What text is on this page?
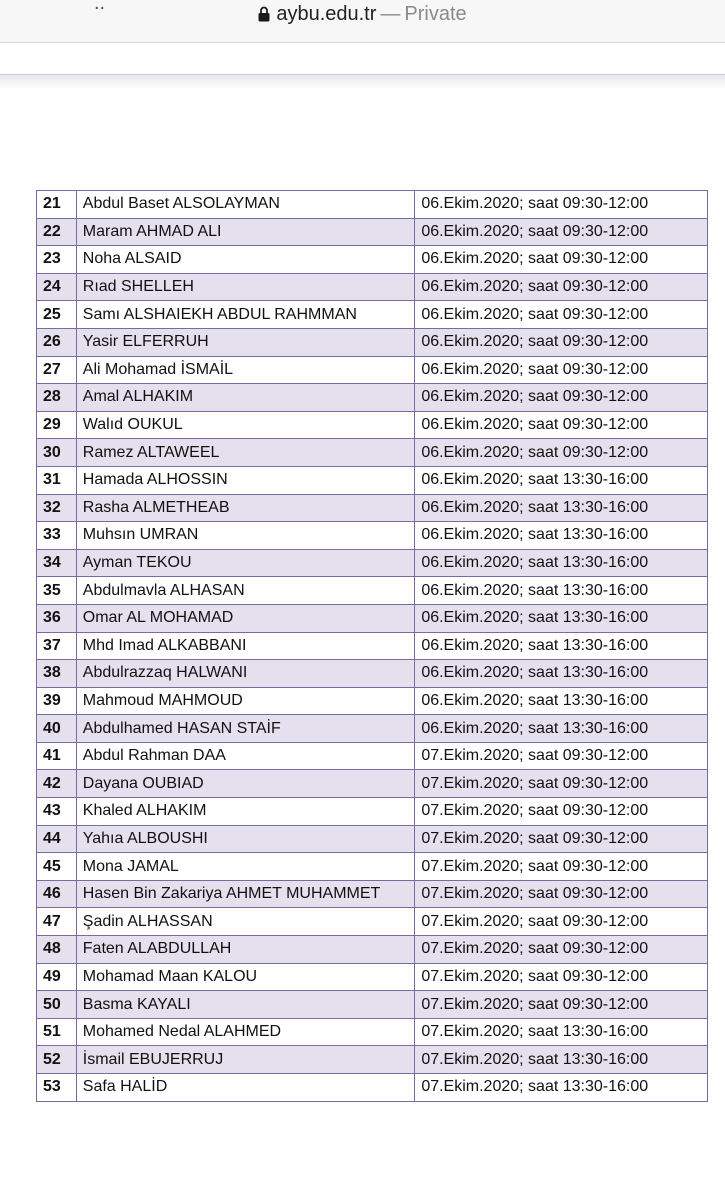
..	aybu.edu.tr — Private
21	Abdul Baset ALSOLAYMAN	06.Ekim.2020; saat 09:30-12:00
22	Maram AHMAD ALI	06.Ekim.2020; saat 09:30-12:00
23	Noha ALSAID	06.Ekim.2020; saat 09:30-12:00
24	Rıad SHELLEH	06.Ekim.2020; saat 09:30-12:00
25	Samı ALSHAIEKH ABDUL RAHMMAN	06.Ekim.2020; saat 09:30-12:00
26	Yasir ELFERRUH	06.Ekim.2020; saat 09:30-12:00
27	Ali Mohamad İSMAİL	06.Ekim.2020; saat 09:30-12:00
28	Amal ALHAKIM	06.Ekim.2020; saat 09:30-12:00
29	Walıd OUKUL	06.Ekim.2020; saat 09:30-12:00
30	Ramez ALTAWEEL	06.Ekim.2020; saat 09:30-12:00
31	Hamada ALHOSSIN	06.Ekim.2020; saat 13:30-16:00
32	Rasha ALMETHEAB	06.Ekim.2020; saat 13:30-16:00
33	Muhsın UMRAN	06.Ekim.2020; saat 13:30-16:00
34	Ayman TEKOU	06.Ekim.2020; saat 13:30-16:00
35	Abdulmavla ALHASAN	06.Ekim.2020; saat 13:30-16:00
36	Omar AL MOHAMAD	06.Ekim.2020; saat 13:30-16:00
37	Mhd Imad ALKABBANI	06.Ekim.2020; saat 13:30-16:00
38	Abdulrazzaq HALWANI	06.Ekim.2020; saat 13:30-16:00
39	Mahmoud MAHMOUD	06.Ekim.2020; saat 13:30-16:00
40	Abdulhamed HASAN STAİF	06.Ekim.2020; saat 13:30-16:00
41	Abdul Rahman DAA	07.Ekim.2020; saat 09:30-12:00
42	Dayana OUBIAD	07.Ekim.2020; saat 09:30-12:00
43	Khaled ALHAKIM	07.Ekim.2020; saat 09:30-12:00
44	Yahıa ALBOUSHI	07.Ekim.2020; saat 09:30-12:00
45	Mona JAMAL	07.Ekim.2020; saat 09:30-12:00
46	Hasen Bin Zakariya AHMET MUHAMMET	07.Ekim.2020; saat 09:30-12:00
47	Şadin ALHASSAN	07.Ekim.2020; saat 09:30-12:00
48	Faten ALABDULLAH	07.Ekim.2020; saat 09:30-12:00
49	Mohamad Maan KALOU	07.Ekim.2020; saat 09:30-12:00
50	Basma KAYALI	07.Ekim.2020; saat 09:30-12:00
51	Mohamed Nedal ALAHMED	07.Ekim.2020; saat 13:30-16:00
52	İsmail EBUJERRUJ	07.Ekim.2020; saat 13:30-16:00
53	Safa HALİD	07.Ekim.2020; saat 13:30-16:00
